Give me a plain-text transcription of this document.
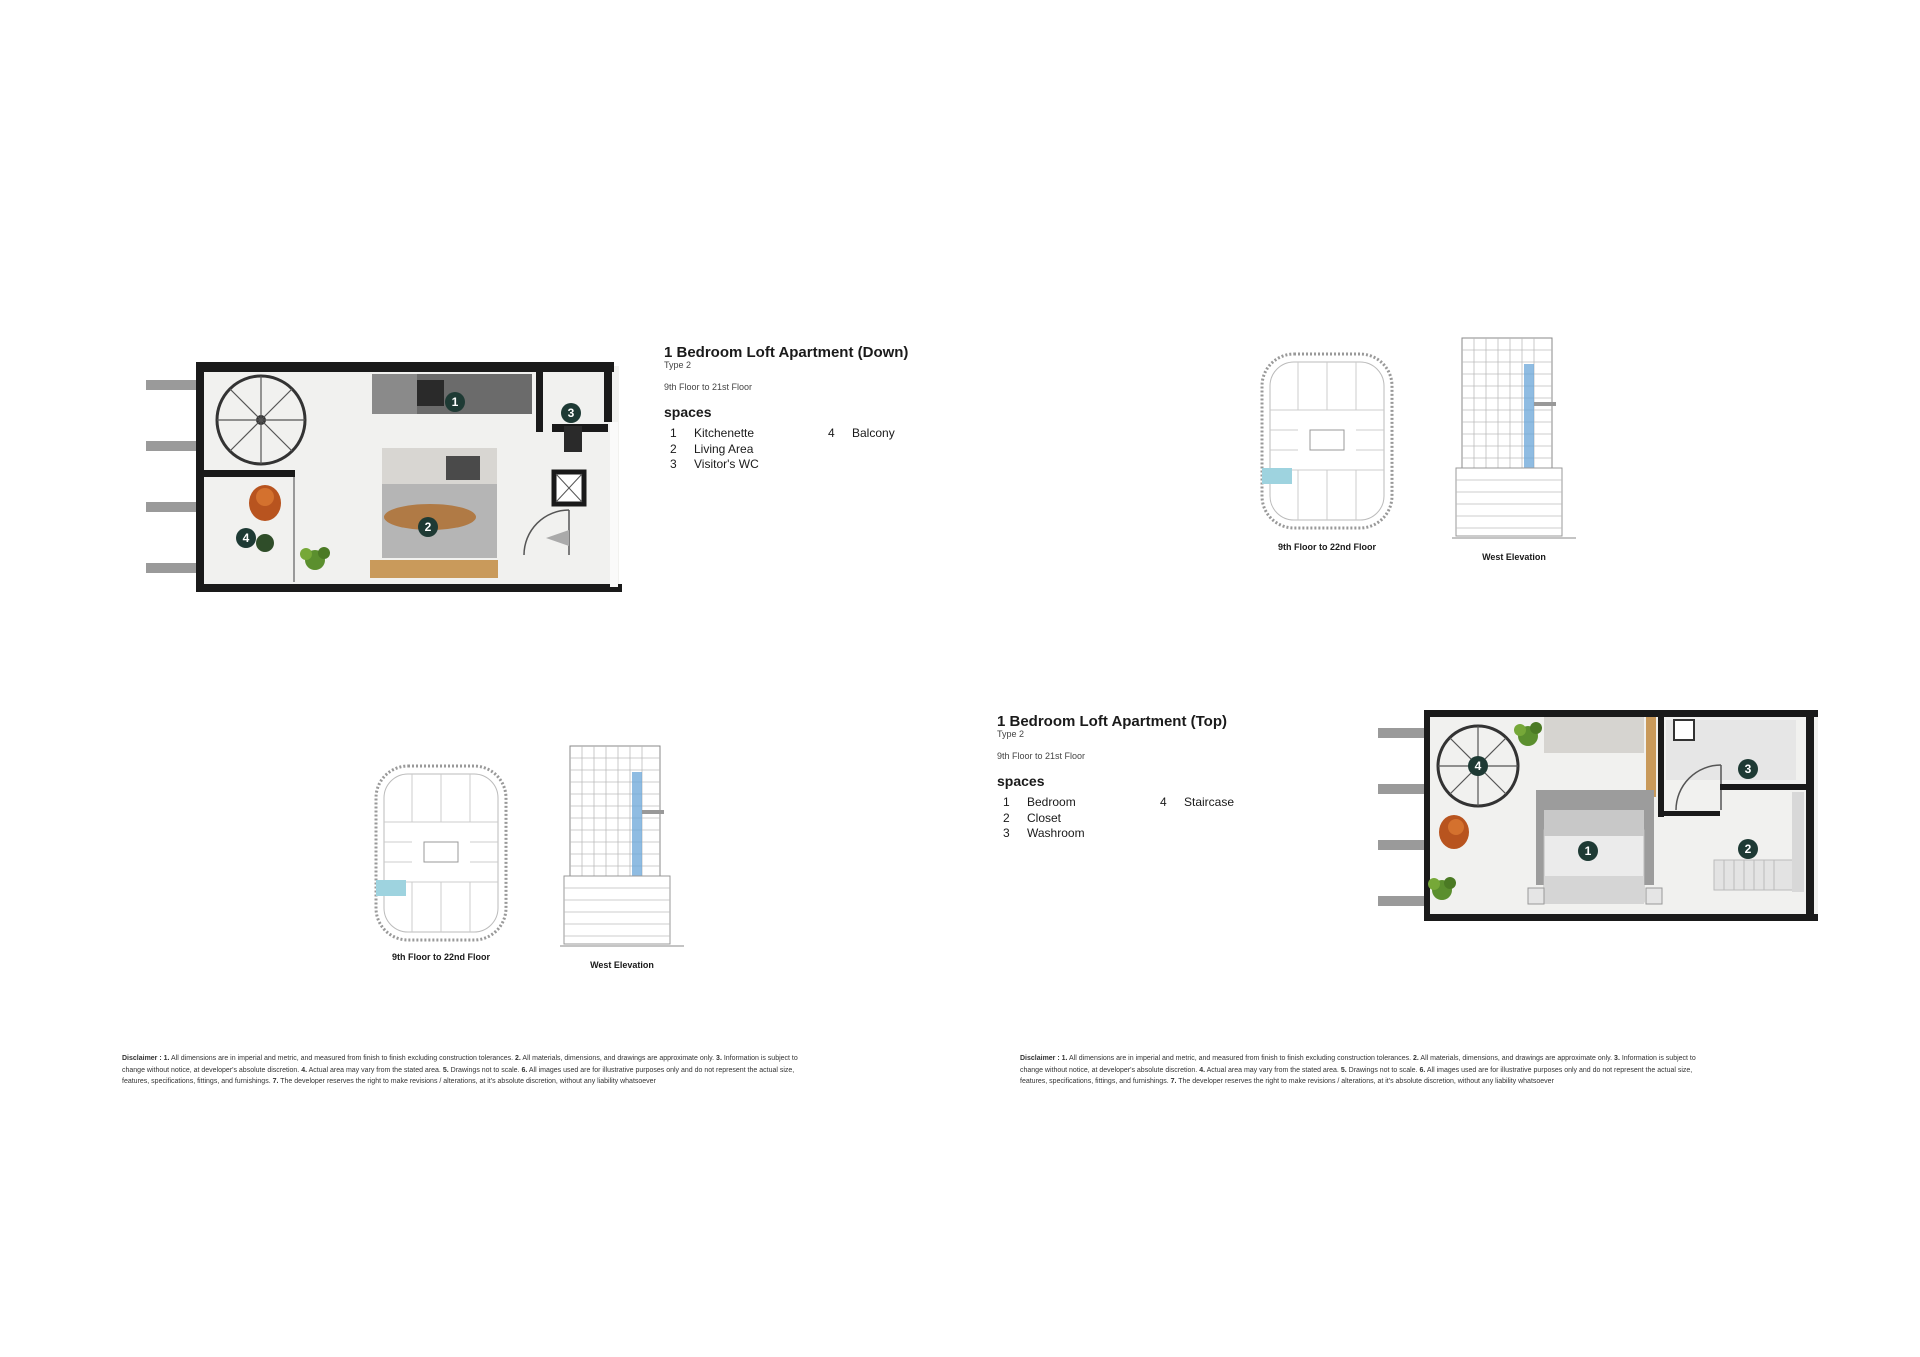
1
2
3
4
1 Bedroom Loft Apartment (Down)
Type 2
9th Floor to 21st Floor
spaces
1 Kitchenette
2 Living Area
3 Visitor's WC
4 Balcony
9th Floor to 22nd Floor
West Elevation
Disclaimer : 1. All dimensions are in imperial and metric, and measured from finish to finish excluding construction tolerances. 2. All materials, dimensions, and drawings are approximate only. 3. Information is subject to change without notice, at developer's absolute discretion. 4. Actual area may vary from the stated area. 5. Drawings not to scale. 6. All images used are for illustrative purposes only and do not represent the actual size, features, specifications, fittings, and furnishings. 7. The developer reserves the right to make revisions / alterations, at it's absolute discretion, without any liability whatsoever
9th Floor to 22nd Floor
West Elevation
1 Bedroom Loft Apartment (Top)
Type 2
9th Floor to 21st Floor
spaces
1 Bedroom
2 Closet
3 Washroom
4 Staircase
1	2
3
4
Disclaimer : 1. All dimensions are in imperial and metric, and measured from finish to finish excluding construction tolerances. 2. All materials, dimensions, and drawings are approximate only. 3. Information is subject to change without notice, at developer's absolute discretion. 4. Actual area may vary from the stated area. 5. Drawings not to scale. 6. All images used are for illustrative purposes only and do not represent the actual size, features, specifications, fittings, and furnishings. 7. The developer reserves the right to make revisions / alterations, at it's absolute discretion, without any liability whatsoever
